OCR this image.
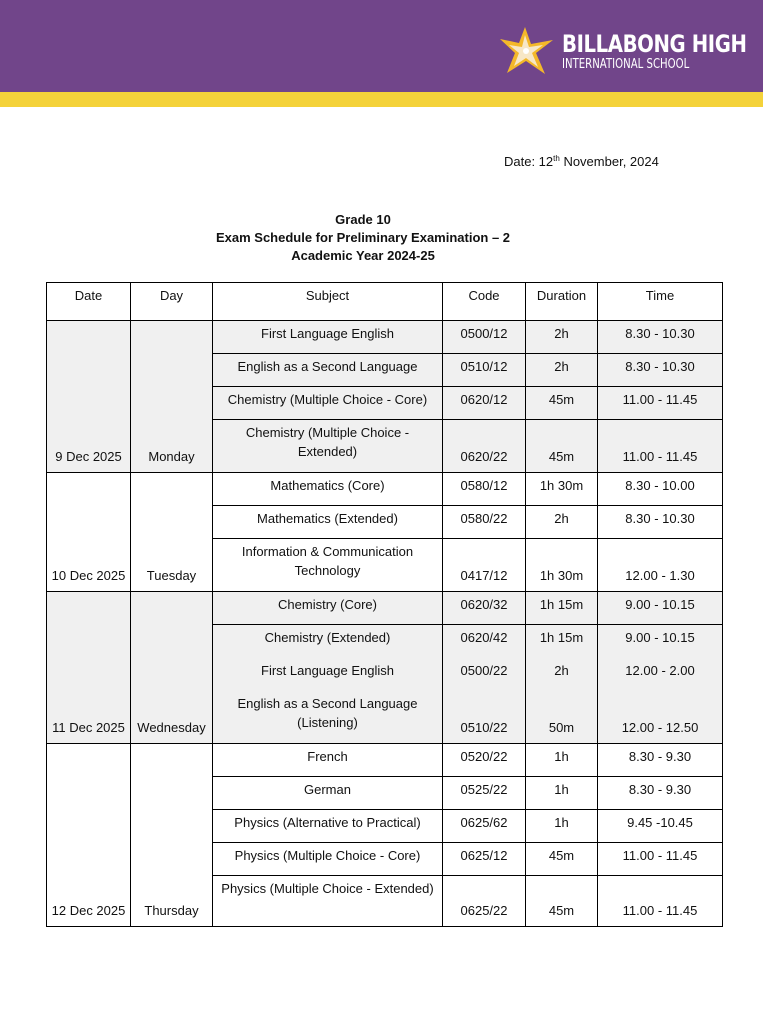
BILLABONG HIGH
INTERNATIONAL SCHOOL
Date: 12th November, 2024
Grade 10
Exam Schedule for Preliminary Examination – 2
Academic Year 2024-25
Date	Day	Subject	Code	Duration	Time
9 Dec 2025	Monday	First Language English	0500/12	2h	8.30 - 10.30
		English as a Second Language	0510/12	2h	8.30 - 10.30
		Chemistry (Multiple Choice - Core)	0620/12	45m	11.00 - 11.45
		Chemistry (Multiple Choice - Extended)	0620/22	45m	11.00 - 11.45
10 Dec 2025	Tuesday	Mathematics (Core)	0580/12	1h 30m	8.30 - 10.00
		Mathematics (Extended)	0580/22	2h	8.30 - 10.30
		Information & Communication Technology	0417/12	1h 30m	12.00 - 1.30
11 Dec 2025	Wednesday	Chemistry (Core)	0620/32	1h 15m	9.00 - 10.15
		Chemistry (Extended)	0620/42	1h 15m	9.00 - 10.15
		First Language English	0500/22	2h	12.00 - 2.00
		English as a Second Language (Listening)	0510/22	50m	12.00 - 12.50
12 Dec 2025	Thursday	French	0520/22	1h	8.30 - 9.30
		German	0525/22	1h	8.30 - 9.30
		Physics (Alternative to Practical)	0625/62	1h	9.45 -10.45
		Physics (Multiple Choice - Core)	0625/12	45m	11.00 - 11.45
		Physics (Multiple Choice - Extended)	0625/22	45m	11.00 - 11.45
